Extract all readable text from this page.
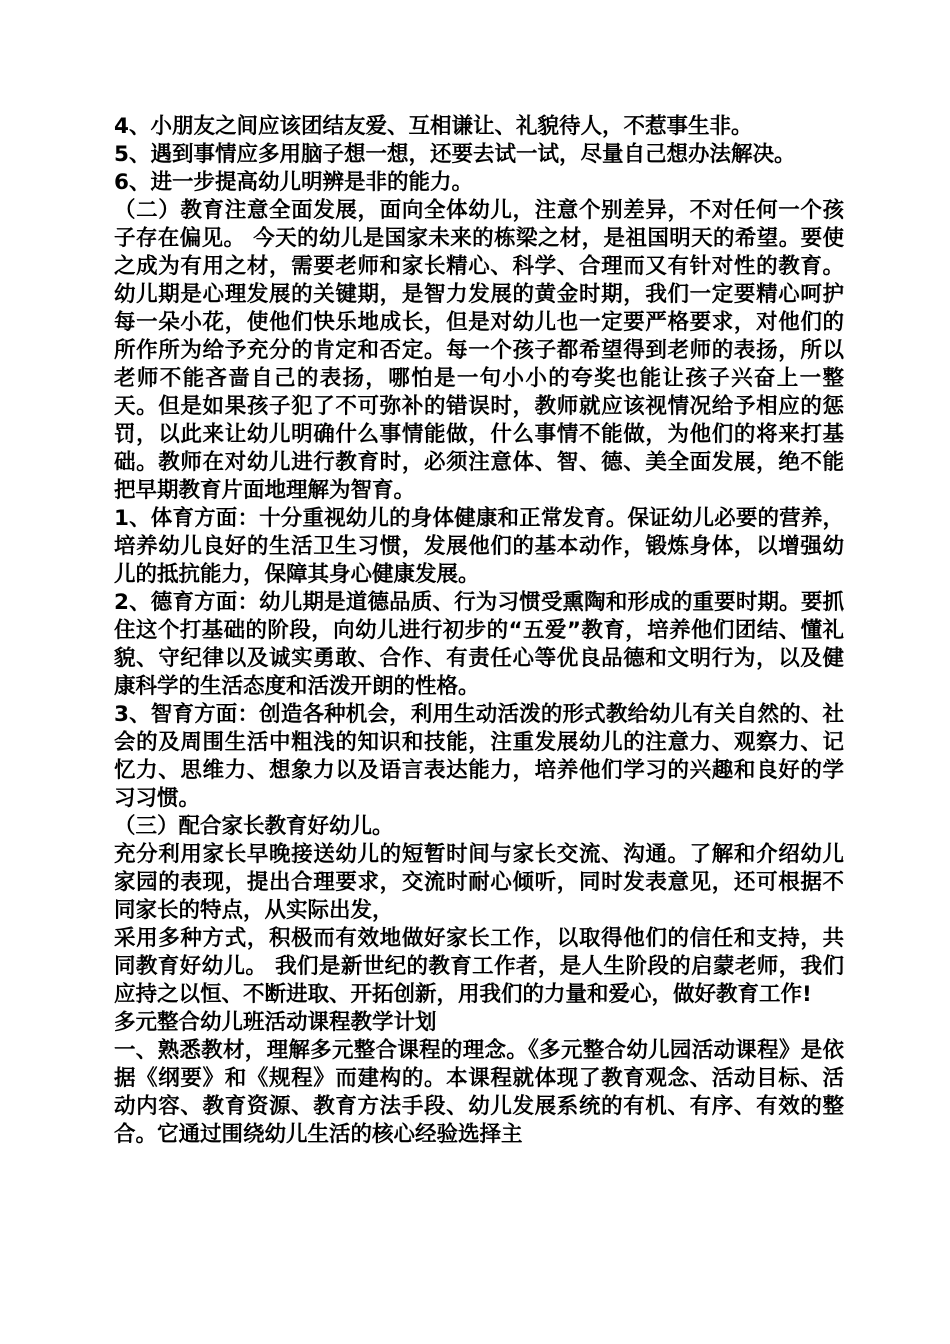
4、小朋友之间应该团结友爱、互相谦让、礼貌待人，不惹事生非。

5、遇到事情应多用脑子想一想，还要去试一试，尽量自己想办法解决。

6、进一步提高幼儿明辨是非的能力。

（二）教育注意全面发展，面向全体幼儿，注意个别差异，不对任何一个孩子存在偏见。 今天的幼儿是国家未来的栋梁之材，是祖国明天的希望。要使之成为有用之材，需要老师和家长精心、科学、合理而又有针对性的教育。幼儿期是心理发展的关键期，是智力发展的黄金时期，我们一定要精心呵护每一朵小花，使他们快乐地成长，但是对幼儿也一定要严格要求，对他们的所作所为给予充分的肯定和否定。每一个孩子都希望得到老师的表扬，所以老师不能吝啬自己的表扬，哪怕是一句小小的夸奖也能让孩子兴奋上一整天。但是如果孩子犯了不可弥补的错误时，教师就应该视情况给予相应的惩罚，以此来让幼儿明确什么事情能做，什么事情不能做，为他们的将来打基础。教师在对幼儿进行教育时，必须注意体、智、德、美全面发展，绝不能把早期教育片面地理解为智育。

1、体育方面：十分重视幼儿的身体健康和正常发育。保证幼儿必要的营养，培养幼儿良好的生活卫生习惯，发展他们的基本动作，锻炼身体，以增强幼儿的抵抗能力，保障其身心健康发展。

2、德育方面：幼儿期是道德品质、行为习惯受熏陶和形成的重要时期。要抓住这个打基础的阶段，向幼儿进行初步的“五爱”教育，培养他们团结、懂礼貌、守纪律以及诚实勇敢、合作、有责任心等优良品德和文明行为，以及健康科学的生活态度和活泼开朗的性格。

3、智育方面：创造各种机会，利用生动活泼的形式教给幼儿有关自然的、社会的及周围生活中粗浅的知识和技能，注重发展幼儿的注意力、观察力、记忆力、思维力、想象力以及语言表达能力，培养他们学习的兴趣和良好的学习习惯。

（三）配合家长教育好幼儿。

充分利用家长早晚接送幼儿的短暂时间与家长交流、沟通。了解和介绍幼儿家园的表现，提出合理要求，交流时耐心倾听，同时发表意见，还可根据不同家长的特点，从实际出发，

采用多种方式，积极而有效地做好家长工作，以取得他们的信任和支持，共同教育好幼儿。 我们是新世纪的教育工作者，是人生阶段的启蒙老师，我们应持之以恒、不断进取、开拓创新，用我们的力量和爱心，做好教育工作!

多元整合幼儿班活动课程教学计划

一、熟悉教材，理解多元整合课程的理念。《多元整合幼儿园活动课程》是依据《纲要》和《规程》而建构的。本课程就体现了教育观念、活动目标、活动内容、教育资源、教育方法手段、幼儿发展系统的有机、有序、有效的整合。它通过围绕幼儿生活的核心经验选择主
